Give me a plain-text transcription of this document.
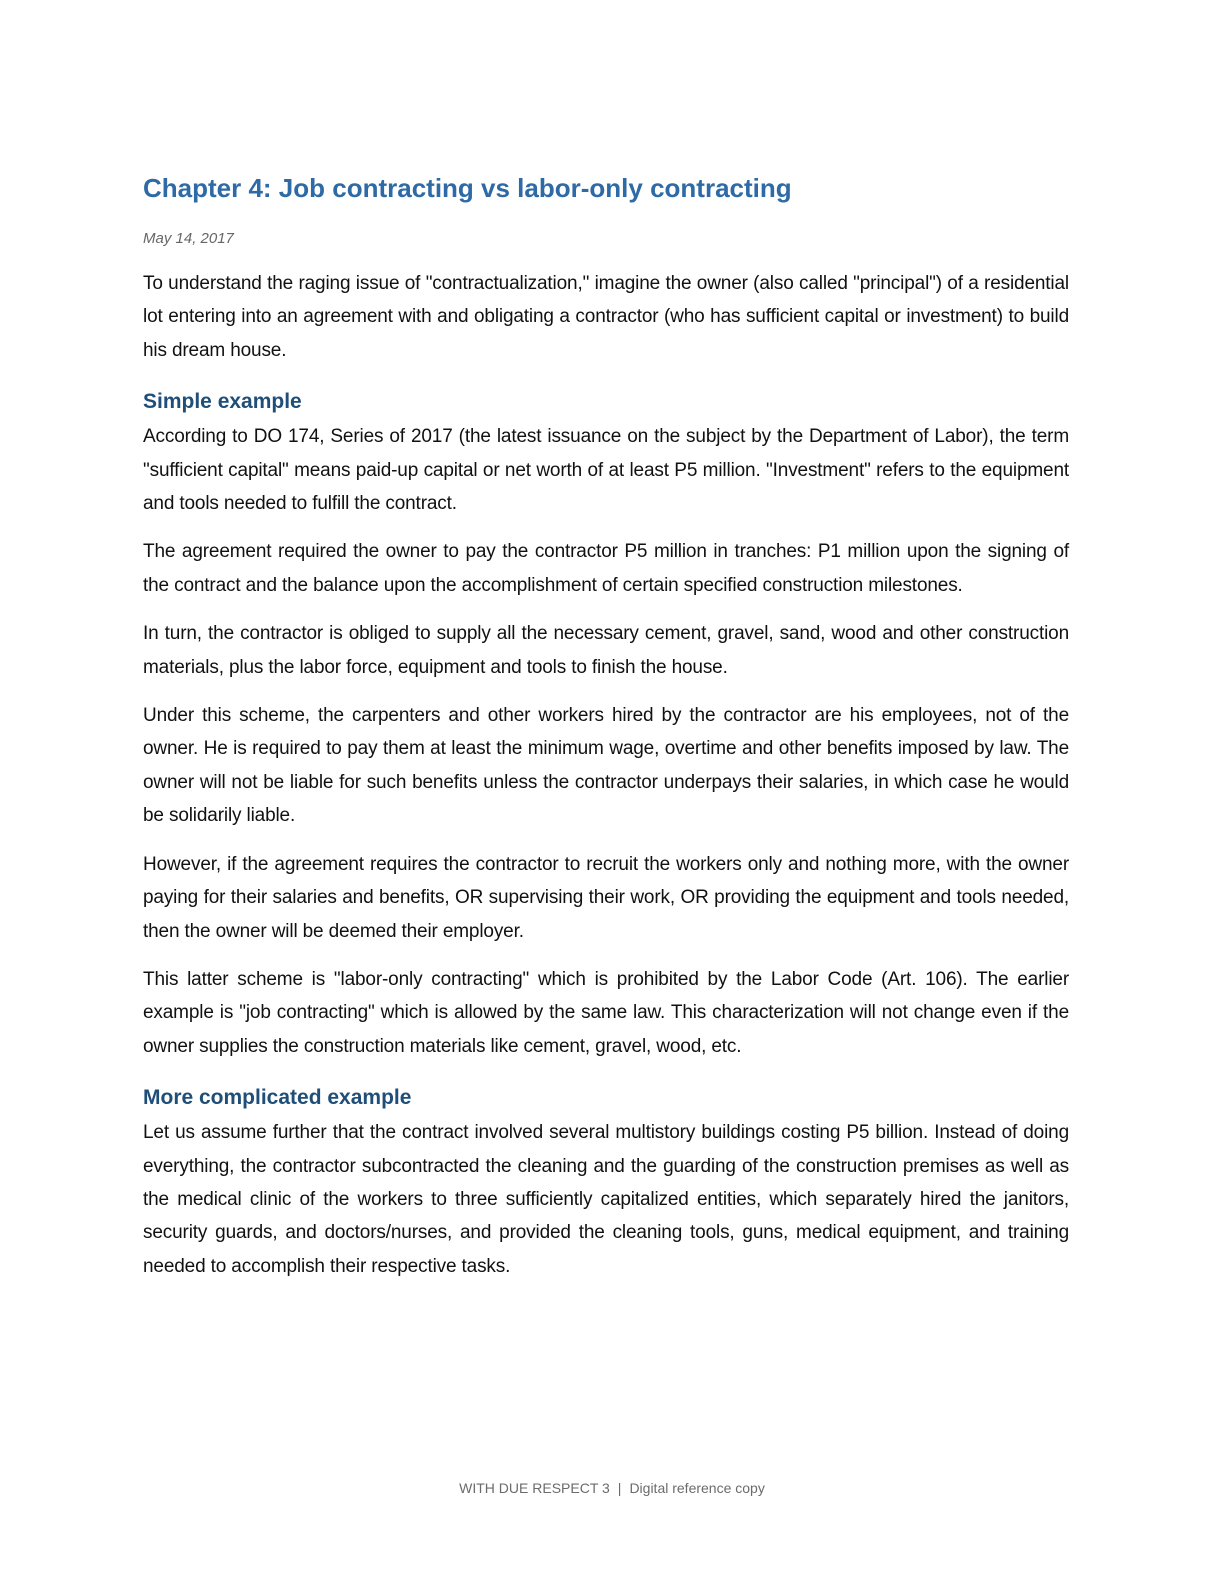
Chapter 4: Job contracting vs labor-only contracting
May 14, 2017

To understand the raging issue of "contractualization," imagine the owner (also called "principal") of a residential lot entering into an agreement with and obligating a contractor (who has sufficient capital or investment) to build his dream house.

Simple example

According to DO 174, Series of 2017 (the latest issuance on the subject by the Department of Labor), the term "sufficient capital" means paid-up capital or net worth of at least P5 million. "Investment" refers to the equipment and tools needed to fulfill the contract.

The agreement required the owner to pay the contractor P5 million in tranches: P1 million upon the signing of the contract and the balance upon the accomplishment of certain specified construction milestones.

In turn, the contractor is obliged to supply all the necessary cement, gravel, sand, wood and other construction materials, plus the labor force, equipment and tools to finish the house.

Under this scheme, the carpenters and other workers hired by the contractor are his employees, not of the owner. He is required to pay them at least the minimum wage, overtime and other benefits imposed by law. The owner will not be liable for such benefits unless the contractor underpays their salaries, in which case he would be solidarily liable.

However, if the agreement requires the contractor to recruit the workers only and nothing more, with the owner paying for their salaries and benefits, OR supervising their work, OR providing the equipment and tools needed, then the owner will be deemed their employer.

This latter scheme is "labor-only contracting" which is prohibited by the Labor Code (Art. 106). The earlier example is "job contracting" which is allowed by the same law. This characterization will not change even if the owner supplies the construction materials like cement, gravel, wood, etc.

More complicated example

Let us assume further that the contract involved several multistory buildings costing P5 billion. Instead of doing everything, the contractor subcontracted the cleaning and the guarding of the construction premises as well as the medical clinic of the workers to three sufficiently capitalized entities, which separately hired the janitors, security guards, and doctors/nurses, and provided the cleaning tools, guns, medical equipment, and training needed to accomplish their respective tasks.

WITH DUE RESPECT 3 | Digital reference copy
